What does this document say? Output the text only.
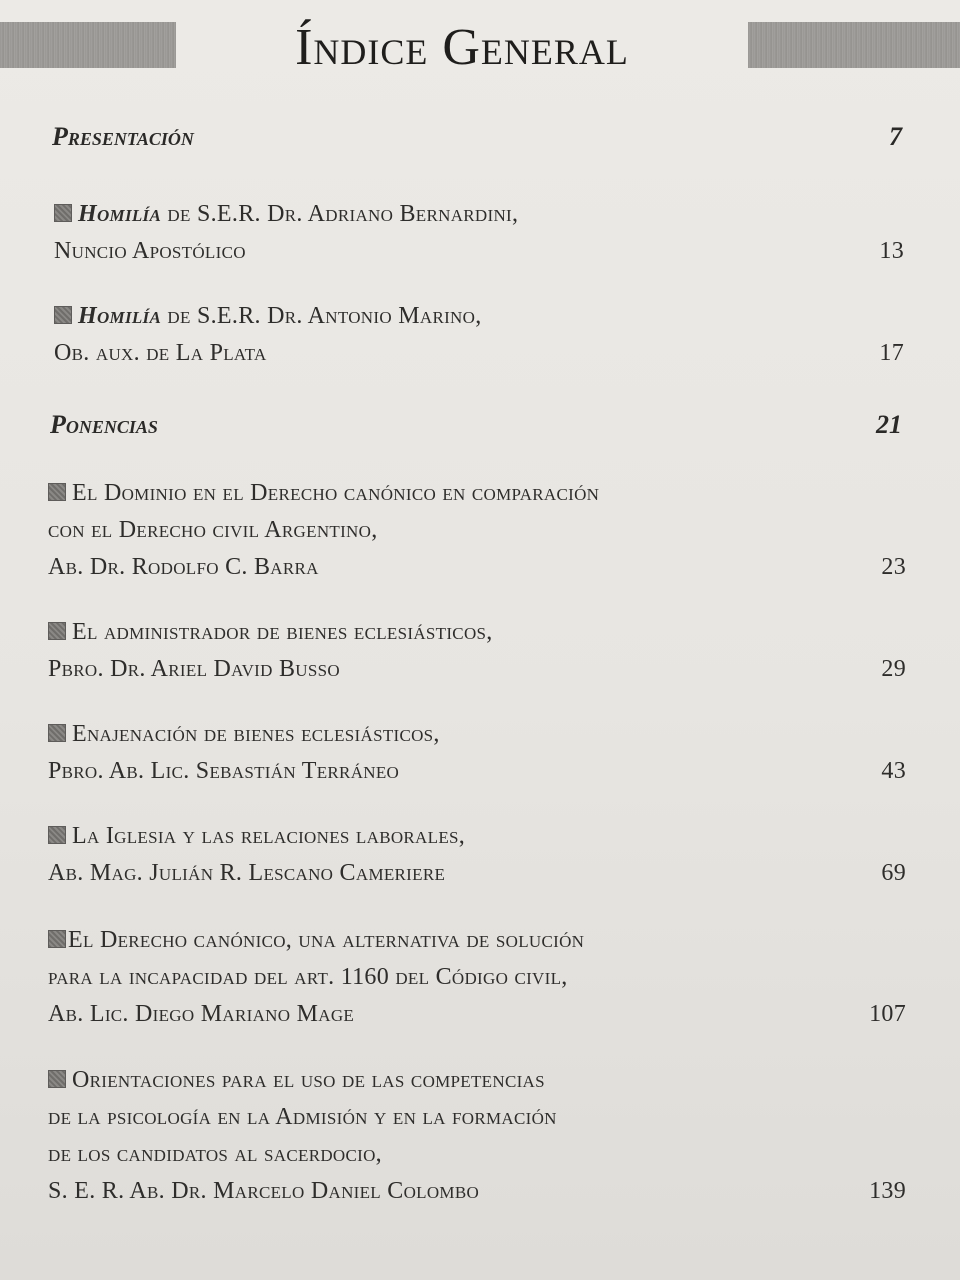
Índice General
Presentación	7
Homilía de S.E.R. Dr. Adriano Bernardini,
Nuncio Apostólico	13
Homilía de S.E.R. Dr. Antonio Marino,
Ob. aux. de La Plata	17
Ponencias	21
El Dominio en el Derecho canónico en comparación
con el Derecho civil Argentino,
Ab. Dr. Rodolfo C. Barra	23
El administrador de bienes eclesiásticos,
Pbro. Dr. Ariel David Busso	29
Enajenación de bienes eclesiásticos,
Pbro. Ab. Lic. Sebastián Terráneo	43
La Iglesia y las relaciones laborales,
Ab. Mag. Julián R. Lescano Cameriere	69
El Derecho canónico, una alternativa de solución
para la incapacidad del art. 1160 del Código civil,
Ab. Lic. Diego Mariano Mage	107
Orientaciones para el uso de las competencias
de la psicología en la Admisión y en la formación
de los candidatos al sacerdocio,
S. E. R. Ab. Dr. Marcelo Daniel Colombo	139
